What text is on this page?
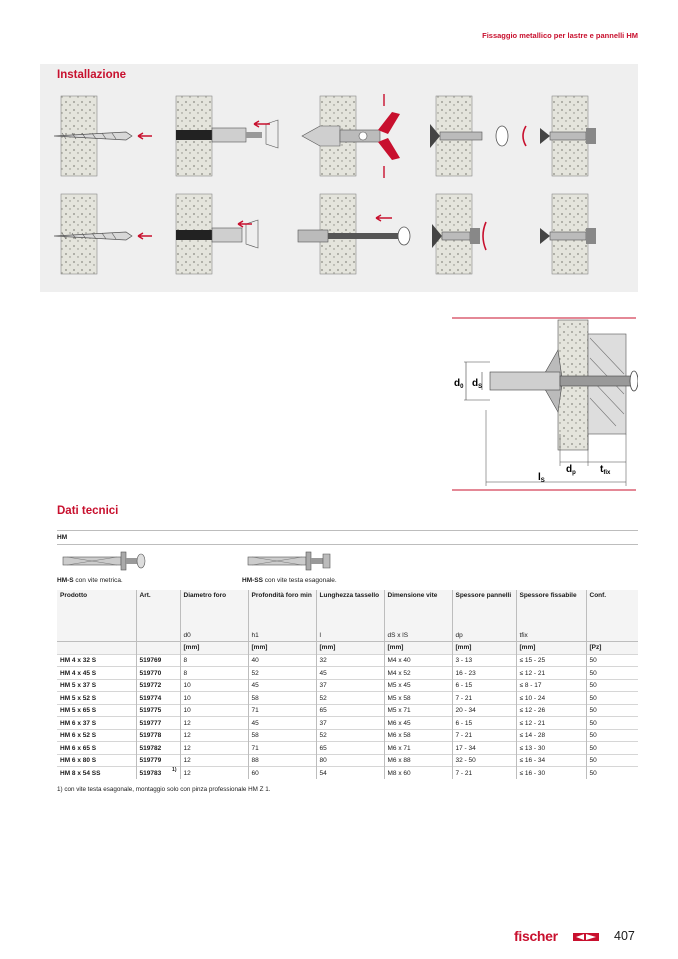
Fissaggio metallico per lastre e pannelli HM
Installazione
$d_0$ $d_S$
$d_p$ $t_{fix}$
$l_S$
Dati tecnici
HM
HM-S con vite metrica.	HM-SS con vite testa esagonale.
Prodotto	Art.	Diametro foro	Profondità foro min	Lunghezza tassello	Dimensione vite	Spessore pannelli	Spessore fissabile	Conf.
		d0	h1	l	dS x lS	dp	tfix	
		[mm]	[mm]	[mm]	[mm]	[mm]	[mm]	[Pz]
HM 4 x 32 S	519769	8	40	32	M4 x 40	3 - 13	≤ 15 - 25	50
HM 4 x 45 S	519770	8	52	45	M4 x 52	16 - 23	≤ 12 - 21	50
HM 5 x 37 S	519772	10	45	37	M5 x 45	6 - 15	≤ 8 - 17	50
HM 5 x 52 S	519774	10	58	52	M5 x 58	7 - 21	≤ 10 - 24	50
HM 5 x 65 S	519775	10	71	65	M5 x 71	20 - 34	≤ 12 - 26	50
HM 6 x 37 S	519777	12	45	37	M6 x 45	6 - 15	≤ 12 - 21	50
HM 6 x 52 S	519778	12	58	52	M6 x 58	7 - 21	≤ 14 - 28	50
HM 6 x 65 S	519782	12	71	65	M6 x 71	17 - 34	≤ 13 - 30	50
HM 6 x 80 S	519779	12	88	80	M6 x 88	32 - 50	≤ 16 - 34	50
HM 8 x 54 SS	519783 1)	12	60	54	M8 x 60	7 - 21	≤ 16 - 30	50
1) con vite testa esagonale, montaggio solo con pinza professionale HM Z 1.
fischer	407
